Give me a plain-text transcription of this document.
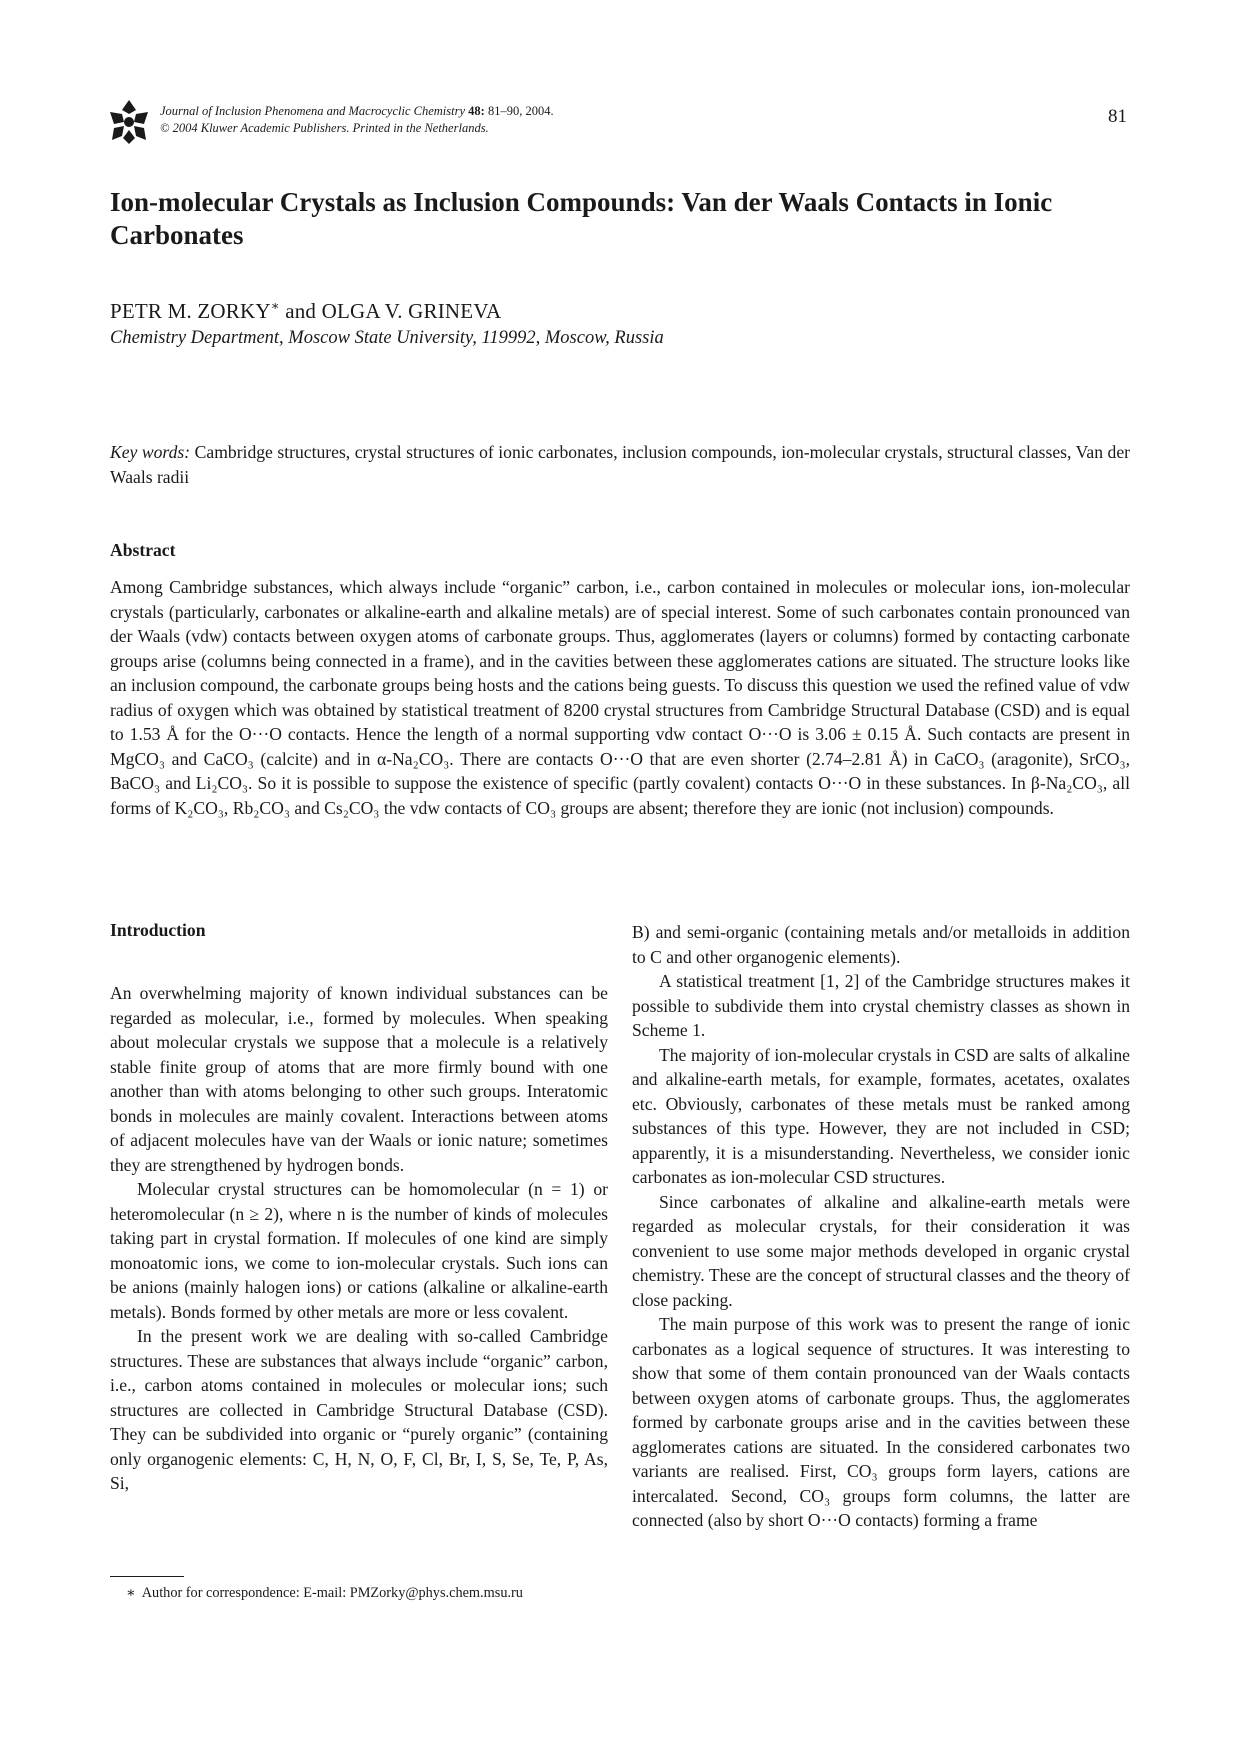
Journal of Inclusion Phenomena and Macrocyclic Chemistry 48: 81–90, 2004.
© 2004 Kluwer Academic Publishers. Printed in the Netherlands.
81
Ion-molecular Crystals as Inclusion Compounds: Van der Waals Contacts in Ionic Carbonates
PETR M. ZORKY∗ and OLGA V. GRINEVA
Chemistry Department, Moscow State University, 119992, Moscow, Russia
Key words: Cambridge structures, crystal structures of ionic carbonates, inclusion compounds, ion-molecular crystals, structural classes, Van der Waals radii
Abstract
Among Cambridge substances, which always include “organic” carbon, i.e., carbon contained in molecules or molecular ions, ion-molecular crystals (particularly, carbonates or alkaline-earth and alkaline metals) are of special interest. Some of such carbonates contain pronounced van der Waals (vdw) contacts between oxygen atoms of carbonate groups. Thus, agglomerates (layers or columns) formed by contacting carbonate groups arise (columns being connected in a frame), and in the cavities between these agglomerates cations are situated. The structure looks like an inclusion compound, the carbonate groups being hosts and the cations being guests. To discuss this question we used the refined value of vdw radius of oxygen which was obtained by statistical treatment of 8200 crystal structures from Cambridge Structural Database (CSD) and is equal to 1.53 Å for the O···O contacts. Hence the length of a normal supporting vdw contact O···O is 3.06 ± 0.15 Å. Such contacts are present in MgCO₃ and CaCO₃ (calcite) and in α-Na₂CO₃. There are contacts O···O that are even shorter (2.74–2.81 Å) in CaCO₃ (aragonite), SrCO₃, BaCO₃ and Li₂CO₃. So it is possible to suppose the existence of specific (partly covalent) contacts O···O in these substances. In β-Na₂CO₃, all forms of K₂CO₃, Rb₂CO₃ and Cs₂CO₃ the vdw contacts of CO₃ groups are absent; therefore they are ionic (not inclusion) compounds.
Introduction

An overwhelming majority of known individual substances can be regarded as molecular, i.e., formed by molecules. When speaking about molecular crystals we suppose that a molecule is a relatively stable finite group of atoms that are more firmly bound with one another than with atoms belonging to other such groups. Interatomic bonds in molecules are mainly covalent. Interactions between atoms of adjacent molecules have van der Waals or ionic nature; sometimes they are strengthened by hydrogen bonds.

Molecular crystal structures can be homomolecular (n = 1) or heteromolecular (n ≥ 2), where n is the number of kinds of molecules taking part in crystal formation. If molecules of one kind are simply monoatomic ions, we come to ion-molecular crystals. Such ions can be anions (mainly halogen ions) or cations (alkaline or alkaline-earth metals). Bonds formed by other metals are more or less covalent.

In the present work we are dealing with so-called Cambridge structures. These are substances that always include “organic” carbon, i.e., carbon atoms contained in molecules or molecular ions; such structures are collected in Cambridge Structural Database (CSD). They can be subdivided into organic or “purely organic” (containing only organogenic elements: C, H, N, O, F, Cl, Br, I, S, Se, Te, P, As, Si,

B) and semi-organic (containing metals and/or metalloids in addition to C and other organogenic elements).

A statistical treatment [1, 2] of the Cambridge structures makes it possible to subdivide them into crystal chemistry classes as shown in Scheme 1.

The majority of ion-molecular crystals in CSD are salts of alkaline and alkaline-earth metals, for example, formates, acetates, oxalates etc. Obviously, carbonates of these metals must be ranked among substances of this type. However, they are not included in CSD; apparently, it is a misunderstanding. Nevertheless, we consider ionic carbonates as ion-molecular CSD structures.

Since carbonates of alkaline and alkaline-earth metals were regarded as molecular crystals, for their consideration it was convenient to use some major methods developed in organic crystal chemistry. These are the concept of structural classes and the theory of close packing.

The main purpose of this work was to present the range of ionic carbonates as a logical sequence of structures. It was interesting to show that some of them contain pronounced van der Waals contacts between oxygen atoms of carbonate groups. Thus, the agglomerates formed by carbonate groups arise and in the cavities between these agglomerates cations are situated. In the considered carbonates two variants are realised. First, CO₃ groups form layers, cations are intercalated. Second, CO₃ groups form columns, the latter are connected (also by short O···O contacts) forming a frame

∗ Author for correspondence: E-mail: PMZorky@phys.chem.msu.ru
